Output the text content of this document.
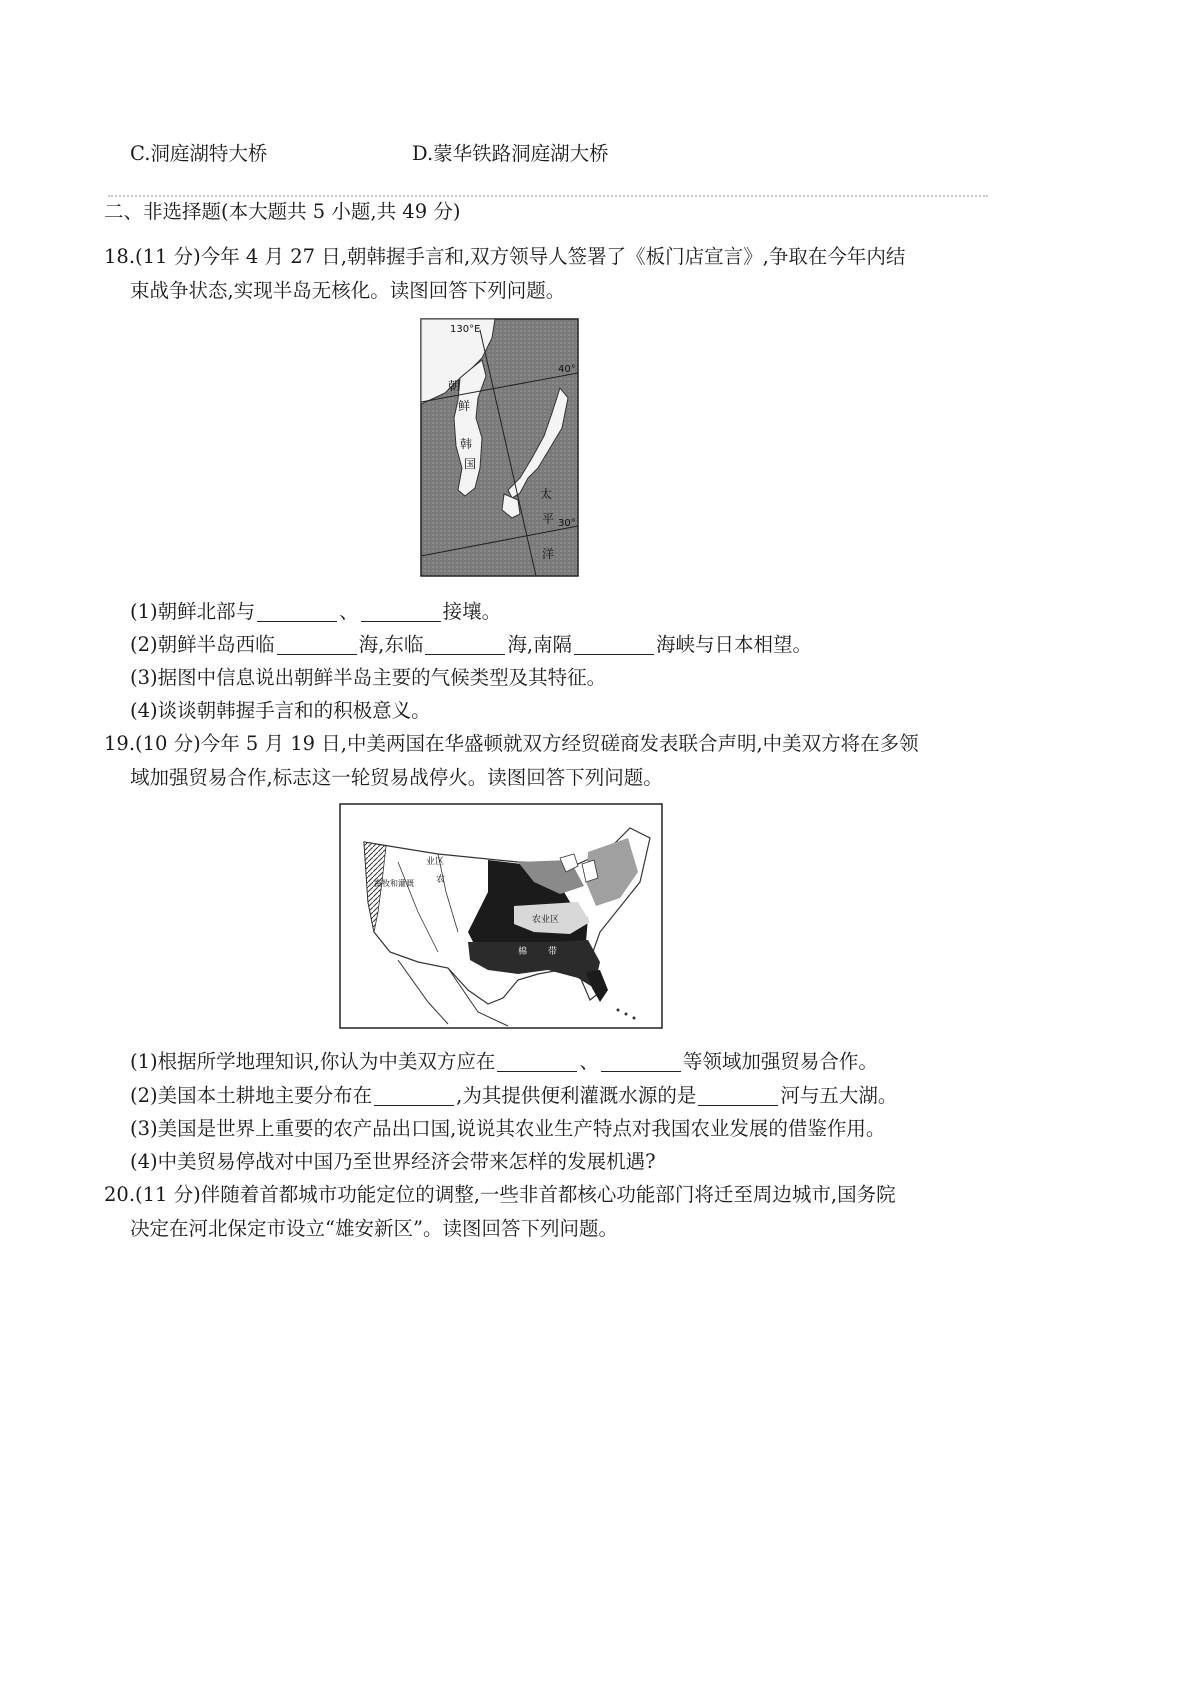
C.洞庭湖特大桥	D.蒙华铁路洞庭湖大桥
二、非选择题(本大题共 5 小题,共 49 分)
18.(11 分)今年 4 月 27 日,朝韩握手言和,双方领导人签署了《板门店宣言》,争取在今年内结
束战争状态,实现半岛无核化。读图回答下列问题。
130°E
40°
30°
朝
鲜
韩
国
太
平
洋
(1)朝鲜北部与	、	接壤。
(2)朝鲜半岛西临	海,东临	海,南隔	海峡与日本相望。
(3)据图中信息说出朝鲜半岛主要的气候类型及其特征。
(4)谈谈朝韩握手言和的积极意义。
19.(10 分)今年 5 月 19 日,中美两国在华盛顿就双方经贸磋商发表联合声明,中美双方将在多领
域加强贸易合作,标志这一轮贸易战停火。读图回答下列问题。
业区
农
畜牧和灌溉
农业区
棉 带
(1)根据所学地理知识,你认为中美双方应在	、	等领域加强贸易合作。
(2)美国本土耕地主要分布在	,为其提供便利灌溉水源的是	河与五大湖。
(3)美国是世界上重要的农产品出口国,说说其农业生产特点对我国农业发展的借鉴作用。
(4)中美贸易停战对中国乃至世界经济会带来怎样的发展机遇?
20.(11 分)伴随着首都城市功能定位的调整,一些非首都核心功能部门将迁至周边城市,国务院
决定在河北保定市设立“雄安新区”。读图回答下列问题。
